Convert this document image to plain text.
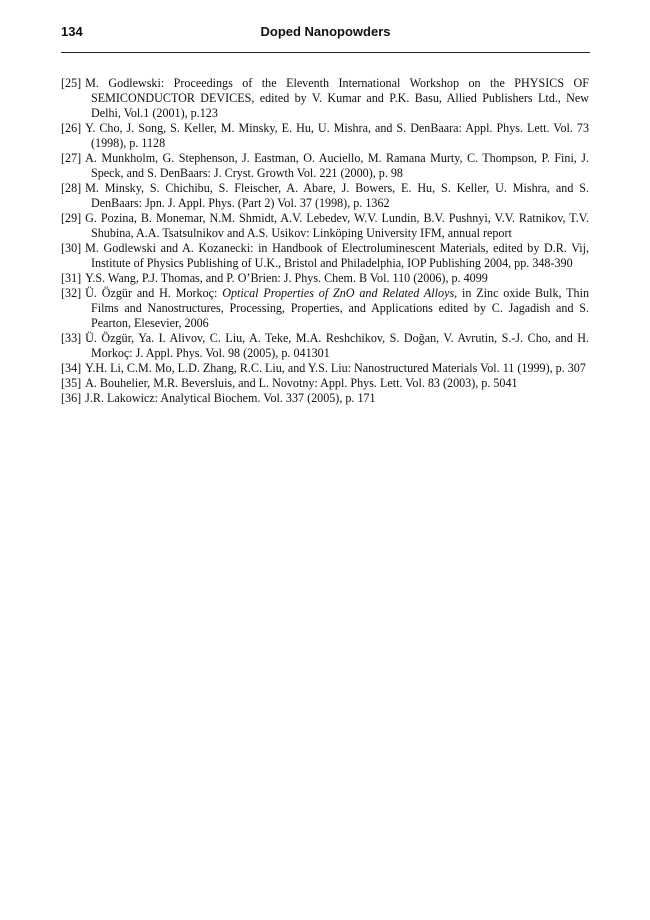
134	Doped Nanopowders
[25] M. Godlewski: Proceedings of the Eleventh International Workshop on the PHYSICS OF SEMICONDUCTOR DEVICES, edited by V. Kumar and P.K. Basu, Allied Publishers Ltd., New Delhi, Vol.1 (2001), p.123
[26] Y. Cho, J. Song, S. Keller, M. Minsky, E. Hu, U. Mishra, and S. DenBaara: Appl. Phys. Lett. Vol. 73 (1998), p. 1128
[27] A. Munkholm, G. Stephenson, J. Eastman, O. Auciello, M. Ramana Murty, C. Thompson, P. Fini, J. Speck, and S. DenBaars: J. Cryst. Growth Vol. 221 (2000), p. 98
[28] M. Minsky, S. Chichibu, S. Fleischer, A. Abare, J. Bowers, E. Hu, S. Keller, U. Mishra, and S. DenBaars: Jpn. J. Appl. Phys. (Part 2) Vol. 37 (1998), p. 1362
[29] G. Pozina, B. Monemar, N.M. Shmidt, A.V. Lebedev, W.V. Lundin, B.V. Pushnyi, V.V. Ratnikov, T.V. Shubina, A.A. Tsatsulnikov and A.S. Usikov: Linköping University IFM, annual report
[30] M. Godlewski and A. Kozanecki: in Handbook of Electroluminescent Materials, edited by D.R. Vij, Institute of Physics Publishing of U.K., Bristol and Philadelphia, IOP Publishing 2004, pp. 348-390
[31] Y.S. Wang, P.J. Thomas, and P. O’Brien: J. Phys. Chem. B Vol. 110 (2006), p. 4099
[32] Ü. Özgür and H. Morkoç: Optical Properties of ZnO and Related Alloys, in Zinc oxide Bulk, Thin Films and Nanostructures, Processing, Properties, and Applications edited by C. Jagadish and S. Pearton, Elesevier, 2006
[33] Ü. Özgür, Ya. I. Alivov, C. Liu, A. Teke, M.A. Reshchikov, S. Doğan, V. Avrutin, S.-J. Cho, and H. Morkoç: J. Appl. Phys. Vol. 98 (2005), p. 041301
[34] Y.H. Li, C.M. Mo, L.D. Zhang, R.C. Liu, and Y.S. Liu: Nanostructured Materials Vol. 11 (1999), p. 307
[35] A. Bouhelier, M.R. Beversluis, and L. Novotny: Appl. Phys. Lett. Vol. 83 (2003), p. 5041
[36] J.R. Lakowicz: Analytical Biochem. Vol. 337 (2005), p. 171
